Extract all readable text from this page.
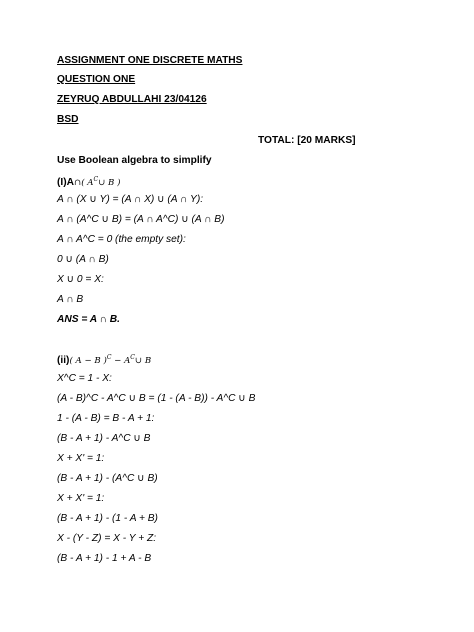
ASSIGNMENT ONE DISCRETE MATHS
QUESTION ONE
ZEYRUQ ABDULLAHI 23/04126
BSD
TOTAL: [20 MARKS]
Use Boolean algebra to simplify
(I)A∩( $A^C\cup$ B )
A ∩ (X ∪ Y) = (A ∩ X) ∪ (A ∩ Y):
A ∩ (A^C ∪ B) = (A ∩ A^C) ∪ (A ∩ B)
A ∩ A^C = 0 (the empty set):
0 ∪ (A ∩ B)
X ∪ 0 = X:
A ∩ B
ANS = A ∩ B.
(ii)( A − B )$^C - A^C\cup$ B
X^C = 1 - X:
(A - B)^C - A^C ∪ B = (1 - (A - B)) - A^C ∪ B
1 - (A - B) = B - A + 1:
(B - A + 1) - A^C ∪ B
X + X' = 1:
(B - A + 1) - (A^C ∪ B)
X + X' = 1:
(B - A + 1) - (1 - A + B)
X - (Y - Z) = X - Y + Z:
(B - A + 1) - 1 + A - B
